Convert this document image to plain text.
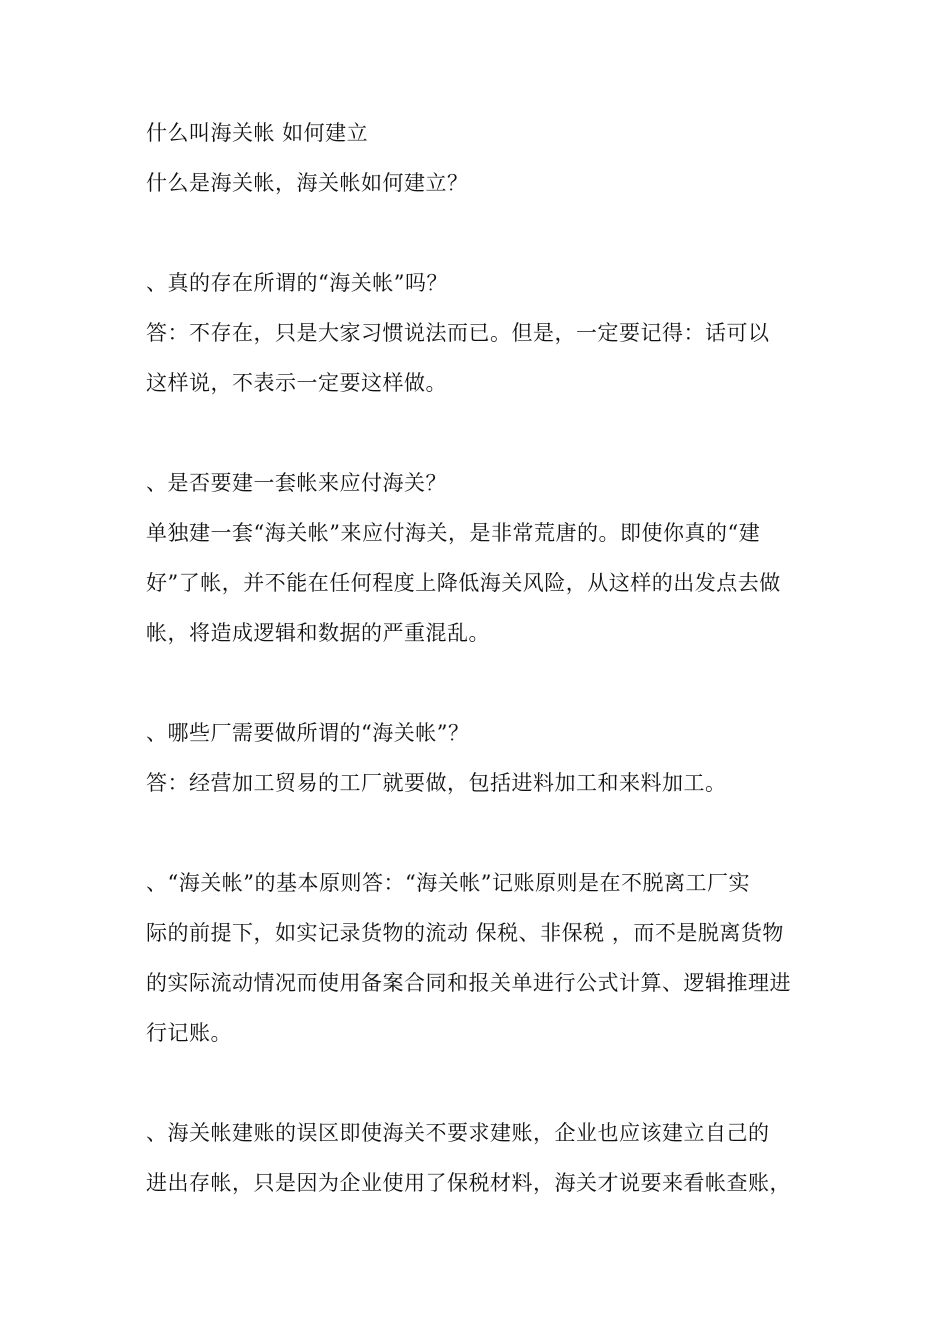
什么叫海关帐 如何建立
什么是海关帐，海关帐如何建立？
、真的存在所谓的“海关帐”吗？
答：不存在，只是大家习惯说法而已。但是，一定要记得：话可以
这样说，不表示一定要这样做。
、是否要建一套帐来应付海关？
单独建一套“海关帐”来应付海关，是非常荒唐的。即使你真的“建
好”了帐，并不能在任何程度上降低海关风险，从这样的出发点去做
帐，将造成逻辑和数据的严重混乱。
、哪些厂需要做所谓的“海关帐”？
答：经营加工贸易的工厂就要做，包括进料加工和来料加工。
、“海关帐”的基本原则答：“海关帐”记账原则是在不脱离工厂实
际的前提下，如实记录货物的流动 保税、非保税 ，而不是脱离货物
的实际流动情况而使用备案合同和报关单进行公式计算、逻辑推理进
行记账。
、海关帐建账的误区即使海关不要求建账，企业也应该建立自己的
进出存帐，只是因为企业使用了保税材料，海关才说要来看帐查账，
